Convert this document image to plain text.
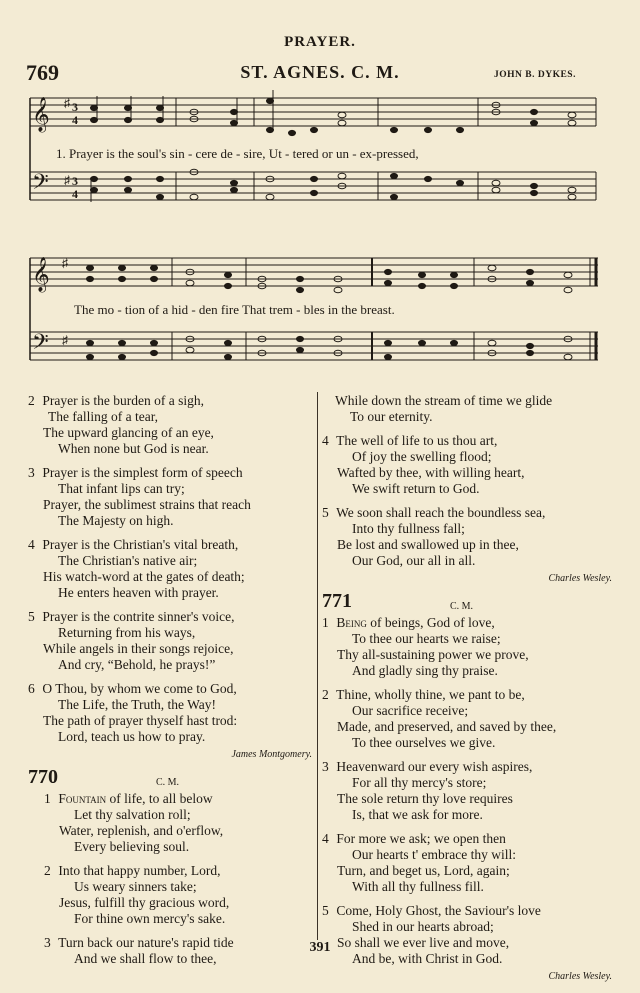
PRAYER.
769	ST. AGNES. C. M.	JOHN B. DYKES.
𝄞
𝄢
♯
♯
3
4
3
4
1. Prayer is the soul's sin - cere de - sire, Ut - tered or un - ex-pressed,
𝄞
𝄢
♯
♯
The mo - tion of a hid - den fire That trem - bles in the breast.
2 Prayer is the burden of a sigh,
The falling of a tear,
The upward glancing of an eye,
When none but God is near.
3 Prayer is the simplest form of speech
That infant lips can try;
Prayer, the sublimest strains that reach
The Majesty on high.
4 Prayer is the Christian's vital breath,
The Christian's native air;
His watch-word at the gates of death;
He enters heaven with prayer.
5 Prayer is the contrite sinner's voice,
Returning from his ways,
While angels in their songs rejoice,
And cry, “Behold, he prays!”
6 O Thou, by whom we come to God,
The Life, the Truth, the Way!
The path of prayer thyself hast trod:
Lord, teach us how to pray.
James Montgomery.
770	C. M.
1 Fountain of life, to all below
Let thy salvation roll;
Water, replenish, and o'erflow,
Every believing soul.
2 Into that happy number, Lord,
Us weary sinners take;
Jesus, fulfill thy gracious word,
For thine own mercy's sake.
3 Turn back our nature's rapid tide
And we shall flow to thee,
While down the stream of time we glide
To our eternity.
4 The well of life to us thou art,
Of joy the swelling flood;
Wafted by thee, with willing heart,
We swift return to God.
5 We soon shall reach the boundless sea,
Into thy fullness fall;
Be lost and swallowed up in thee,
Our God, our all in all.
Charles Wesley.
771	C. M.
1 Being of beings, God of love,
To thee our hearts we raise;
Thy all-sustaining power we prove,
And gladly sing thy praise.
2 Thine, wholly thine, we pant to be,
Our sacrifice receive;
Made, and preserved, and saved by thee,
To thee ourselves we give.
3 Heavenward our every wish aspires,
For all thy mercy's store;
The sole return thy love requires
Is, that we ask for more.
4 For more we ask; we open then
Our hearts t' embrace thy will:
Turn, and beget us, Lord, again;
With all thy fullness fill.
5 Come, Holy Ghost, the Saviour's love
Shed in our hearts abroad;
So shall we ever live and move,
And be, with Christ in God.
Charles Wesley.
391
